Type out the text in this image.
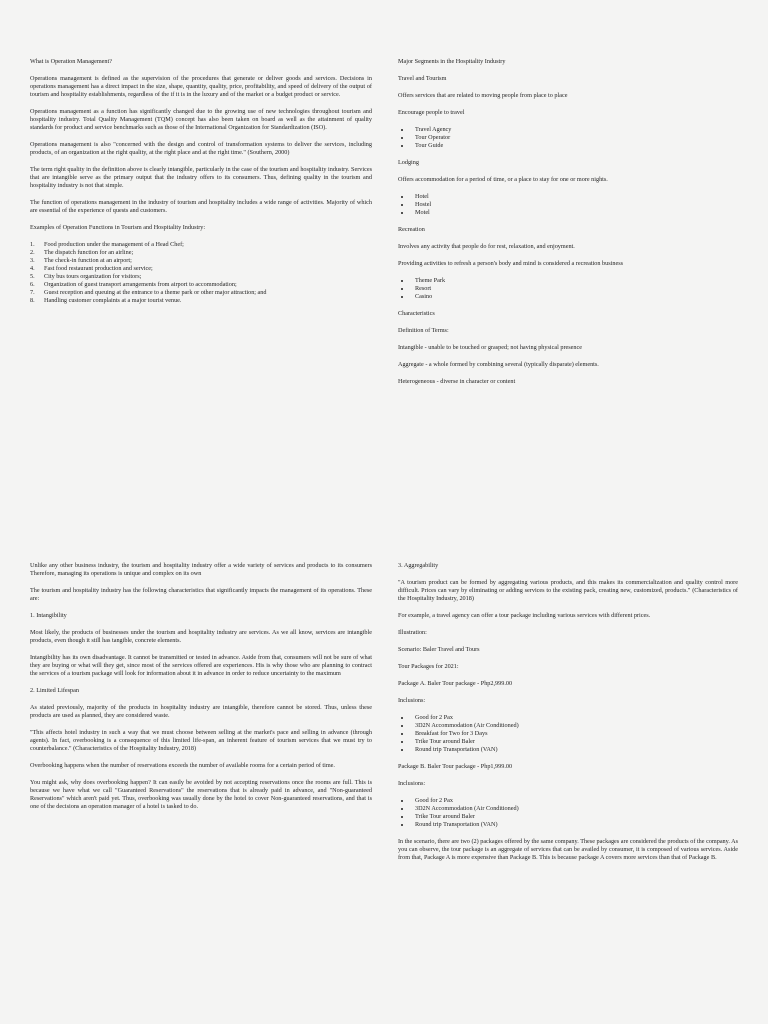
What is Operation Management?

Operations management is defined as the supervision of the procedures that generate or deliver goods and services. Decisions in operations management has a direct impact in the size, shape, quantity, quality, price, profitability, and speed of delivery of the output of tourism and hospitality establishments, regardless of the if it is in the luxury and of the market or a budget product or service.

Operations management as a function has significantly changed due to the growing use of new technologies throughout tourism and hospitality industry. Total Quality Management (TQM) concept has also been taken on board as well as the attainment of quality standards for product and service benchmarks such as those of the International Organization for Standardization (ISO).

Operations management is also "concerned with the design and control of transformation systems to deliver the services, including products, of an organization at the right quality, at the right place and at the right time." (Southern, 2000)

The term right quality in the definition above is clearly intangible, particularly in the case of the tourism and hospitality industry. Services that are intangible serve as the primary output that the industry offers to its consumers. Thus, defining quality in the tourism and hospitality industry is not that simple.

The function of operations management in the industry of tourism and hospitality includes a wide range of activities. Majority of which are essential of the experience of quests and customers.

Examples of Operation Functions in Tourism and Hospitality Industry:

1.	Food production under the management of a Head Chef;
2.	The dispatch function for an airline;
3.	The check-in function at an airport;
4.	Fast food restaurant production and service;
5.	City bus tours organization for visitors;
6.	Organization of guest transport arrangements from airport to accommodation;
7.	Guest reception and queuing at the entrance to a theme park or other major attraction; and
8.	Handling customer complaints at a major tourist venue.

Major Segments in the Hospitality Industry

Travel and Tourism

Offers services that are related to moving people from place to place

Encourage people to travel

• Travel Agency
• Tour Operator
• Tour Guide

Lodging

Offers accommodation for a period of time, or a place to stay for one or more nights.

• Hotel
• Hostel
• Motel

Recreation

Involves any activity that people do for rest, relaxation, and enjoyment.

Providing activities to refresh a person's body and mind is considered a recreation business

• Theme Park
• Resort
• Casino

Characteristics

Definition of Terms:

Intangible - unable to be touched or grasped; not having physical presence

Aggregate - a whole formed by combining several (typically disparate) elements.

Heterogeneous - diverse in character or content

Unlike any other business industry, the tourism and hospitality industry offer a wide variety of services and products to its consumers Therefore, managing its operations is unique and complex on its own

The tourism and hospitality industry has the following characteristics that significantly impacts the management of its operations. These are:

1. Intangibility

Most likely, the products of businesses under the tourism and hospitality industry are services. As we all know, services are intangible products, even though it still has tangible, concrete elements.

Intangibility has its own disadvantage. It cannot be transmitted or tested in advance. Aside from that, consumers will not be sure of what they are buying or what will they get, since most of the services offered are experiences. His is why those who are planning to contract the services of a tourism package will look for information about it in advance in order to reduce uncertainty to the maximum

2. Limited Lifespan

As stated previously, majority of the products in hospitality industry are intangible, therefore cannot be stored. Thus, unless these products are used as planned, they are considered waste.

"This affects hotel industry in such a way that we must choose between selling at the market's pace and selling in advance (through agents). In fact, overbooking is a consequence of this limited life-span, an inherent feature of tourism services that we must try to counterbalance." (Characteristics of the Hospitality Industry, 2018)

Overbooking happens when the number of reservations exceeds the number of available rooms for a certain period of time.

You might ask, why does overbooking happen? It can easily be avoided by not accepting reservations once the rooms are full. This is because we have what we call "Guaranteed Reservations" the reservations that is already paid in advance, and "Non-guaranteed Reservations" which aren't paid yet. Thus, overbooking was usually done by the hotel to cover Non-guaranteed reservations, and that is one of the decisions an operation manager of a hotel is tasked to do.

3. Aggregability

"A tourism product can be formed by aggregating various products, and this makes its commercialization and quality control more difficult. Prices can vary by eliminating or adding services to the existing pack, creating new, customized, products." (Characteristics of the Hospitality Industry, 2018)

For example, a travel agency can offer a tour package including various services with different prices.

Illustration:

Scenario: Baler Travel and Tours

Tour Packages for 2021:

Package A. Baler Tour package - Php2,999.00

Inclusions:

• Good for 2 Pax
• 3D2N Accommodation (Air Conditioned)
• Breakfast for Two for 3 Days
• Trike Tour around Baler
• Round trip Transportation (VAN)

Package B. Baler Tour package - Php1,999.00

Inclusions:

• Good for 2 Pax
• 3D2N Accommodation (Air Conditioned)
• Trike Tour around Baler
• Round trip Transportation (VAN)

In the scenario, there are two (2) packages offered by the same company. These packages are considered the products of the company. As you can observe, the tour package is an aggregate of services that can be availed by consumer, it is composed of various services. Aside from that, Package A is more expensive than Package B. This is because package A covers more services than that of Package B.
